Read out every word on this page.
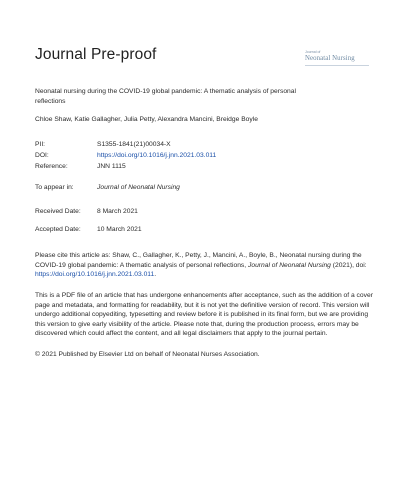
Journal Pre-proof	Journal of
Neonatal Nursing
Neonatal nursing during the COVID-19 global pandemic: A thematic analysis of personal reflections
Chloe Shaw, Katie Gallagher, Julia Petty, Alexandra Mancini, Breidge Boyle
PII:	S1355-1841(21)00034-X
DOI:	https://doi.org/10.1016/j.jnn.2021.03.011
Reference:	JNN 1115
To appear in:	Journal of Neonatal Nursing
Received Date: 8 March 2021
Accepted Date: 10 March 2021

Please cite this article as: Shaw, C., Gallagher, K., Petty, J., Mancini, A., Boyle, B., Neonatal nursing during the COVID-19 global pandemic: A thematic analysis of personal reflections, Journal of Neonatal Nursing (2021), doi: https://doi.org/10.1016/j.jnn.2021.03.011.

This is a PDF file of an article that has undergone enhancements after acceptance, such as the addition of a cover page and metadata, and formatting for readability, but it is not yet the definitive version of record. This version will undergo additional copyediting, typesetting and review before it is published in its final form, but we are providing this version to give early visibility of the article. Please note that, during the production process, errors may be discovered which could affect the content, and all legal disclaimers that apply to the journal pertain.

© 2021 Published by Elsevier Ltd on behalf of Neonatal Nurses Association.
